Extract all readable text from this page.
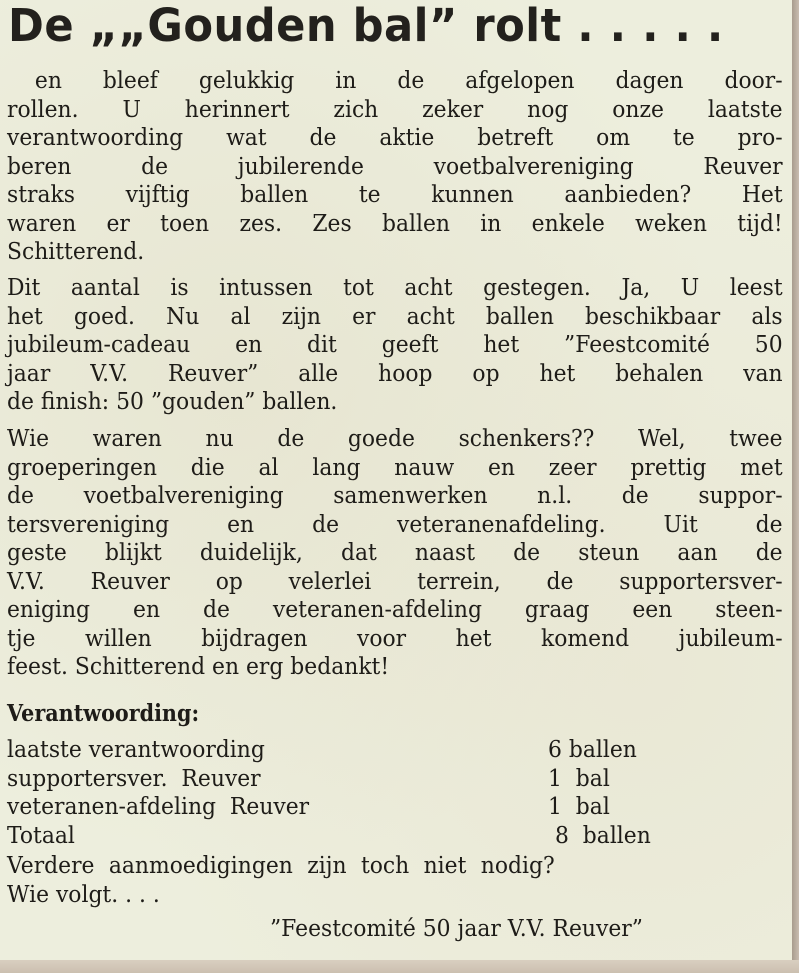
De „„Gouden bal” rolt . . . . .

en bleef gelukkig in de afgelopen dagen door-
rollen. U herinnert zich zeker nog onze laatste
verantwoording wat de aktie betreft om te pro-
beren de jubilerende voetbalvereniging Reuver
straks vijftig ballen te kunnen aanbieden? Het
waren er toen zes. Zes ballen in enkele weken tijd!
Schitterend.

Dit aantal is intussen tot acht gestegen. Ja, U leest
het goed. Nu al zijn er acht ballen beschikbaar als
jubileum-cadeau en dit geeft het ”Feestcomité 50
jaar V.V. Reuver” alle hoop op het behalen van
de finish: 50 ”gouden” ballen.

Wie waren nu de goede schenkers?? Wel, twee
groeperingen die al lang nauw en zeer prettig met
de voetbalvereniging samenwerken n.l. de suppor-
tersvereniging en de veteranenafdeling. Uit de
geste blijkt duidelijk, dat naast de steun aan de
V.V. Reuver op velerlei terrein, de supportersver-
eniging en de veteranen-afdeling graag een steen-
tje willen bijdragen voor het komend jubileum-
feest. Schitterend en erg bedankt!

Verantwoording:
laatste verantwoording	6 ballen
supportersver.  Reuver	1  bal
veteranen-afdeling  Reuver	1  bal
Totaal	8  ballen
Verdere aanmoedigingen zijn toch niet nodig?
Wie volgt. . . .
”Feestcomité 50 jaar V.V. Reuver”
